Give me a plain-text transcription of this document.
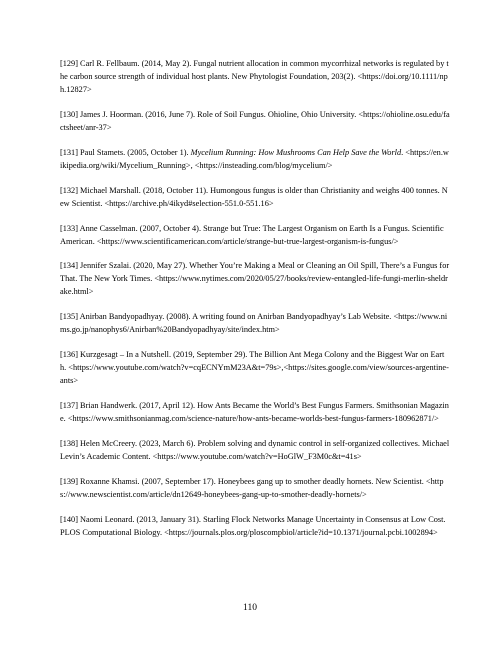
[129] Carl R. Fellbaum. (2014, May 2). Fungal nutrient allocation in common mycorrhizal networks is regulated by the carbon source strength of individual host plants. New Phytologist Foundation, 203(2). <https://doi.org/10.1111/nph.12827>

[130] James J. Hoorman. (2016, June 7). Role of Soil Fungus. Ohioline, Ohio University. <https://ohioline.osu.edu/factsheet/anr-37>

[131] Paul Stamets. (2005, October 1). Mycelium Running: How Mushrooms Can Help Save the World. <https://en.wikipedia.org/wiki/Mycelium_Running>, <https://insteading.com/blog/mycelium/>

[132] Michael Marshall. (2018, October 11). Humongous fungus is older than Christianity and weighs 400 tonnes. New Scientist. <https://archive.ph/4ikyd#selection-551.0-551.16>

[133] Anne Casselman. (2007, October 4). Strange but True: The Largest Organism on Earth Is a Fungus. Scientific American. <https://www.scientificamerican.com/article/strange-but-true-largest-organism-is-fungus/>

[134] Jennifer Szalai. (2020, May 27). Whether You’re Making a Meal or Cleaning an Oil Spill, There’s a Fungus for That. The New York Times. <https://www.nytimes.com/2020/05/27/books/review-entangled-life-fungi-merlin-sheldrake.html>

[135] Anirban Bandyopadhyay. (2008). A writing found on Anirban Bandyopadhyay’s Lab Website. <https://www.nims.go.jp/nanophys6/Anirban%20Bandyopadhyay/site/index.htm>

[136] Kurzgesagt – In a Nutshell. (2019, September 29). The Billion Ant Mega Colony and the Biggest War on Earth. <https://www.youtube.com/watch?v=cqECNYmM23A&t=79s>,<https://sites.google.com/view/sources-argentine-ants>

[137] Brian Handwerk. (2017, April 12). How Ants Became the World’s Best Fungus Farmers. Smithsonian Magazine. <https://www.smithsonianmag.com/science-nature/how-ants-became-worlds-best-fungus-farmers-180962871/>

[138] Helen McCreery. (2023, March 6). Problem solving and dynamic control in self-organized collectives. Michael Levin’s Academic Content. <https://www.youtube.com/watch?v=HoGlW_F3M0c&t=41s>

[139] Roxanne Khamsi. (2007, September 17). Honeybees gang up to smother deadly hornets. New Scientist. <https://www.newscientist.com/article/dn12649-honeybees-gang-up-to-smother-deadly-hornets/>

[140] Naomi Leonard. (2013, January 31). Starling Flock Networks Manage Uncertainty in Consensus at Low Cost. PLOS Computational Biology. <https://journals.plos.org/ploscompbiol/article?id=10.1371/journal.pcbi.1002894>

110
